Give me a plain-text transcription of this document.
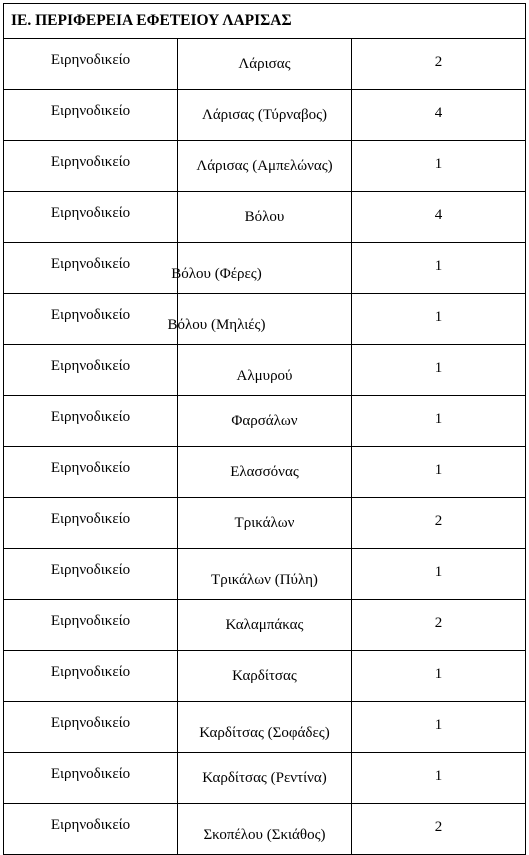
ΙΕ. ΠΕΡΙΦΕΡΕΙΑ ΕΦΕΤΕΙΟΥ ΛΑΡΙΣΑΣ		
Ειρηνοδικείο	Λάρισας	2
Ειρηνοδικείο	Λάρισας (Τύρναβος)	4
Ειρηνοδικείο	Λάρισας (Αμπελώνας)	1
Ειρηνοδικείο	Βόλου	4
Ειρηνοδικείο	Βόλου (Φέρες)	1
Ειρηνοδικείο	Βόλου (Μηλιές)	1
Ειρηνοδικείο	Αλμυρού	1
Ειρηνοδικείο	Φαρσάλων	1
Ειρηνοδικείο	Ελασσόνας	1
Ειρηνοδικείο	Τρικάλων	2
Ειρηνοδικείο	Τρικάλων (Πύλη)	1
Ειρηνοδικείο	Καλαμπάκας	2
Ειρηνοδικείο	Καρδίτσας	1
Ειρηνοδικείο	Καρδίτσας (Σοφάδες)	1
Ειρηνοδικείο	Καρδίτσας (Ρεντίνα)	1
Ειρηνοδικείο	Σκοπέλου (Σκιάθος)	2
